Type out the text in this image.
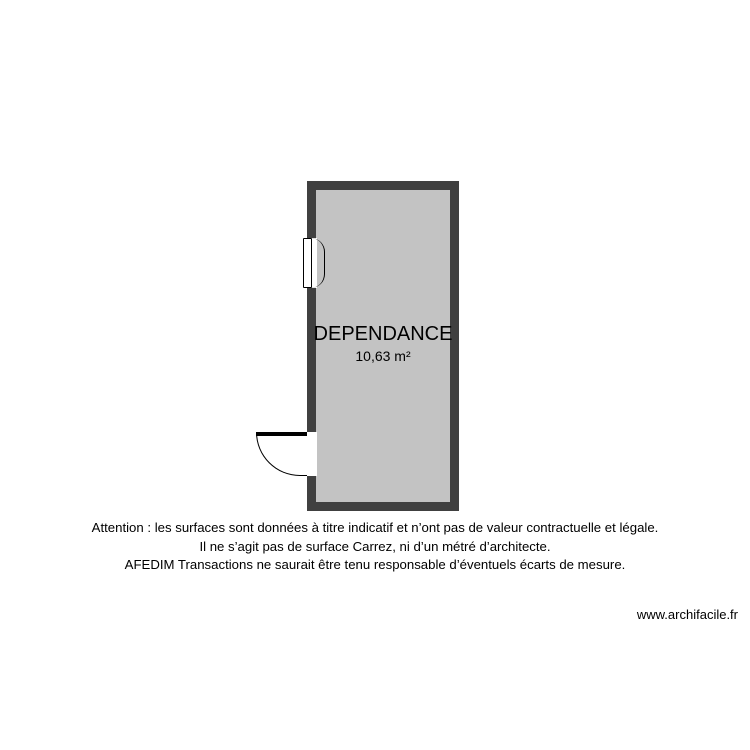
DEPENDANCE
10,63 m²
Attention : les surfaces sont données à titre indicatif et n’ont pas de valeur contractuelle et légale.
Il ne s’agit pas de surface Carrez, ni d’un métré d’architecte.
AFEDIM Transactions ne saurait être tenu responsable d’éventuels écarts de mesure.
www.archifacile.fr
